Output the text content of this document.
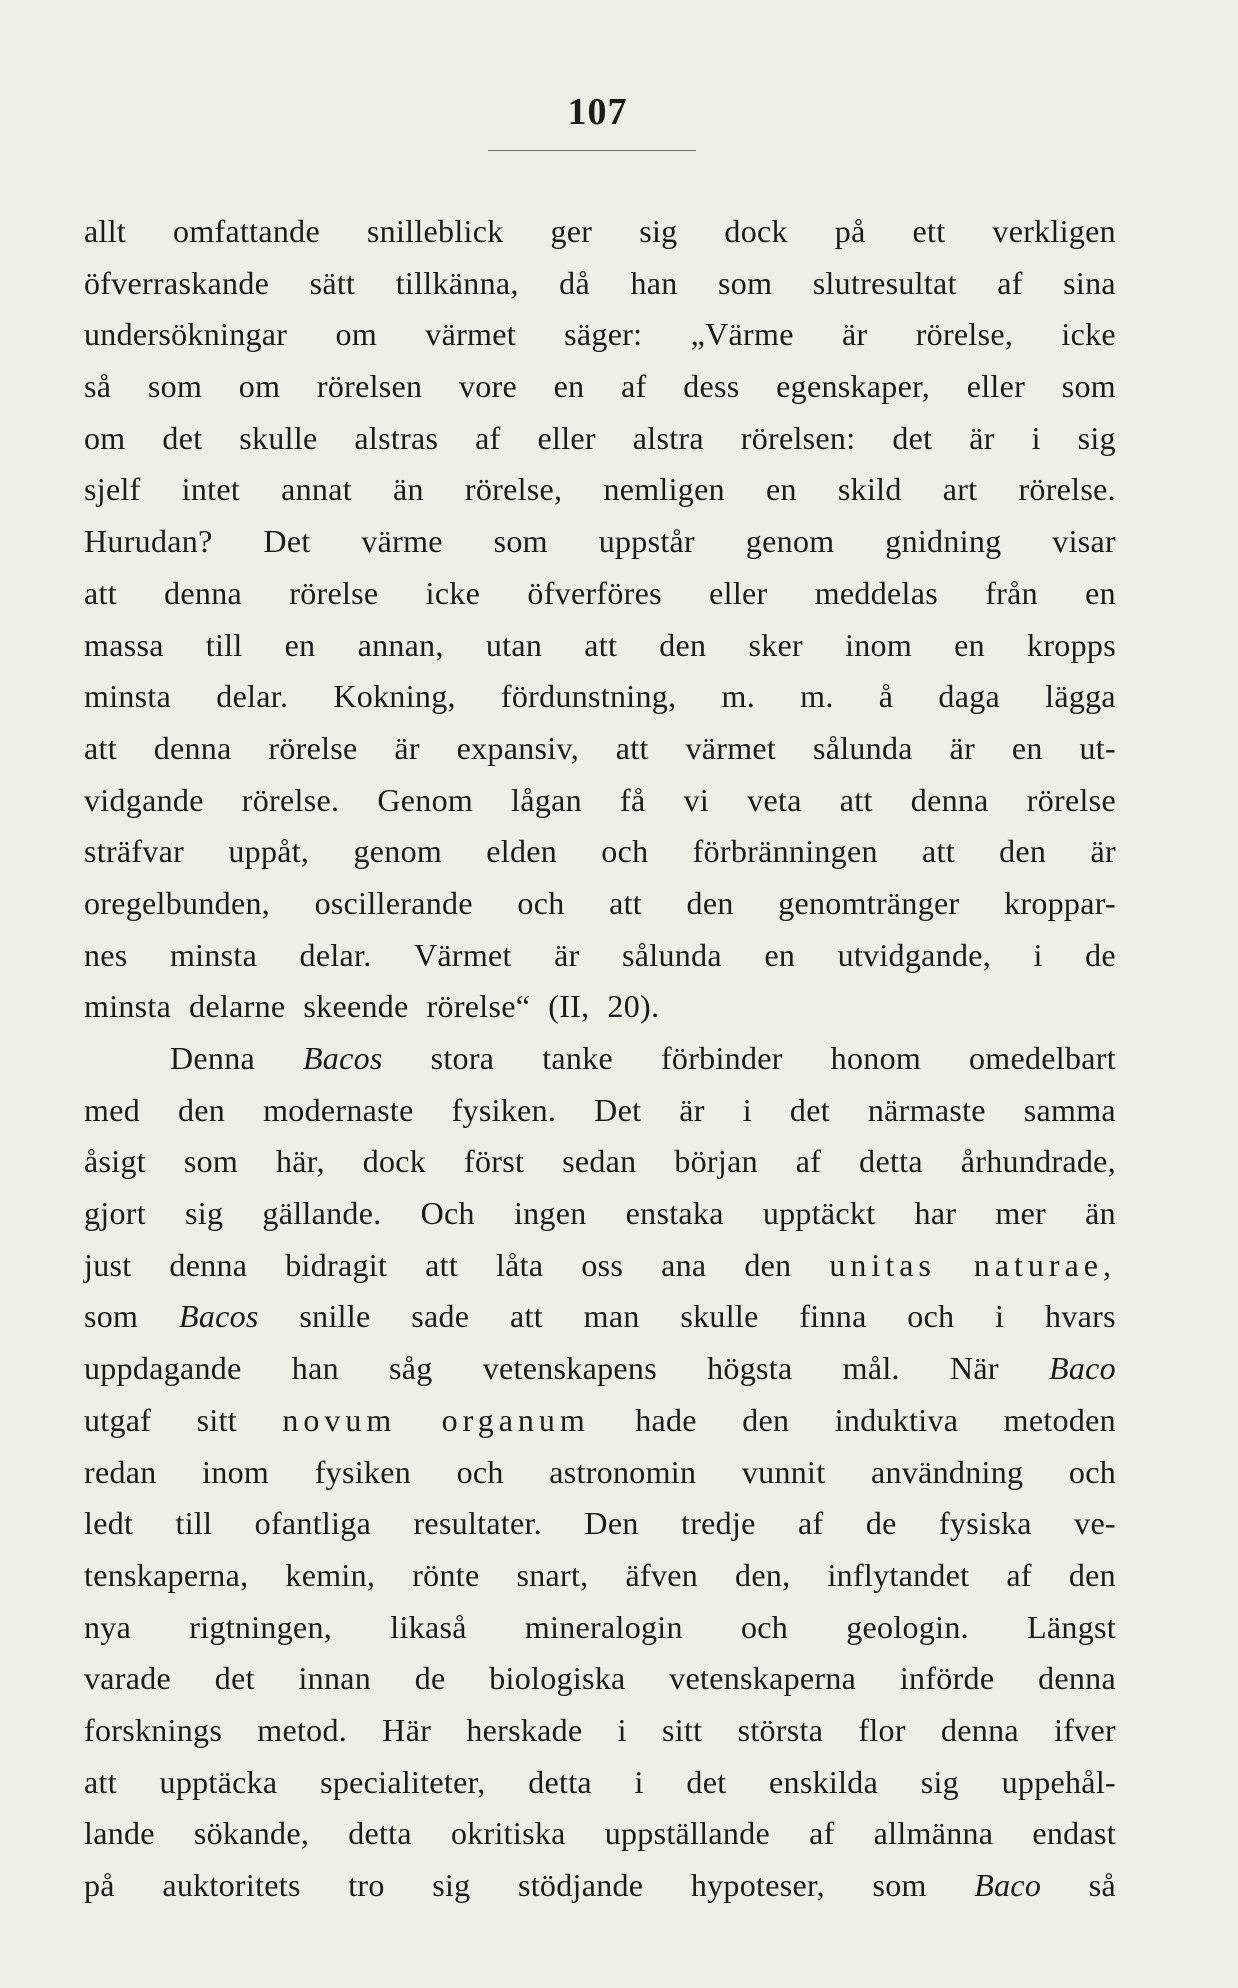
107
allt omfattande snilleblick ger sig dock på ett verkligen
öfverraskande sätt tillkänna, då han som slutresultat af sina
undersökningar om värmet säger: „Värme är rörelse, icke
så som om rörelsen vore en af dess egenskaper, eller som
om det skulle alstras af eller alstra rörelsen: det är i sig
sjelf intet annat än rörelse, nemligen en skild art rörelse.
Hurudan? Det värme som uppstår genom gnidning visar
att denna rörelse icke öfverföres eller meddelas från en
massa till en annan, utan att den sker inom en kropps
minsta delar. Kokning, fördunstning, m. m. å daga lägga
att denna rörelse är expansiv, att värmet sålunda är en ut-
vidgande rörelse. Genom lågan få vi veta att denna rörelse
sträfvar uppåt, genom elden och förbränningen att den är
oregelbunden, oscillerande och att den genomtränger kroppar-
nes minsta delar. Värmet är sålunda en utvidgande, i de
minsta delarne skeende rörelse“ (II, 20).
Denna Bacos stora tanke förbinder honom omedelbart
med den modernaste fysiken. Det är i det närmaste samma
åsigt som här, dock först sedan början af detta århundrade,
gjort sig gällande. Och ingen enstaka upptäckt har mer än
just denna bidragit att låta oss ana den unitas naturae,
som Bacos snille sade att man skulle finna och i hvars
uppdagande han såg vetenskapens högsta mål. När Baco
utgaf sitt novum organum hade den induktiva metoden
redan inom fysiken och astronomin vunnit användning och
ledt till ofantliga resultater. Den tredje af de fysiska ve-
tenskaperna, kemin, rönte snart, äfven den, inflytandet af den
nya rigtningen, likaså mineralogin och geologin. Längst
varade det innan de biologiska vetenskaperna införde denna
forsknings metod. Här herskade i sitt största flor denna ifver
att upptäcka specialiteter, detta i det enskilda sig uppehål-
lande sökande, detta okritiska uppställande af allmänna endast
på auktoritets tro sig stödjande hypoteser, som Baco så
